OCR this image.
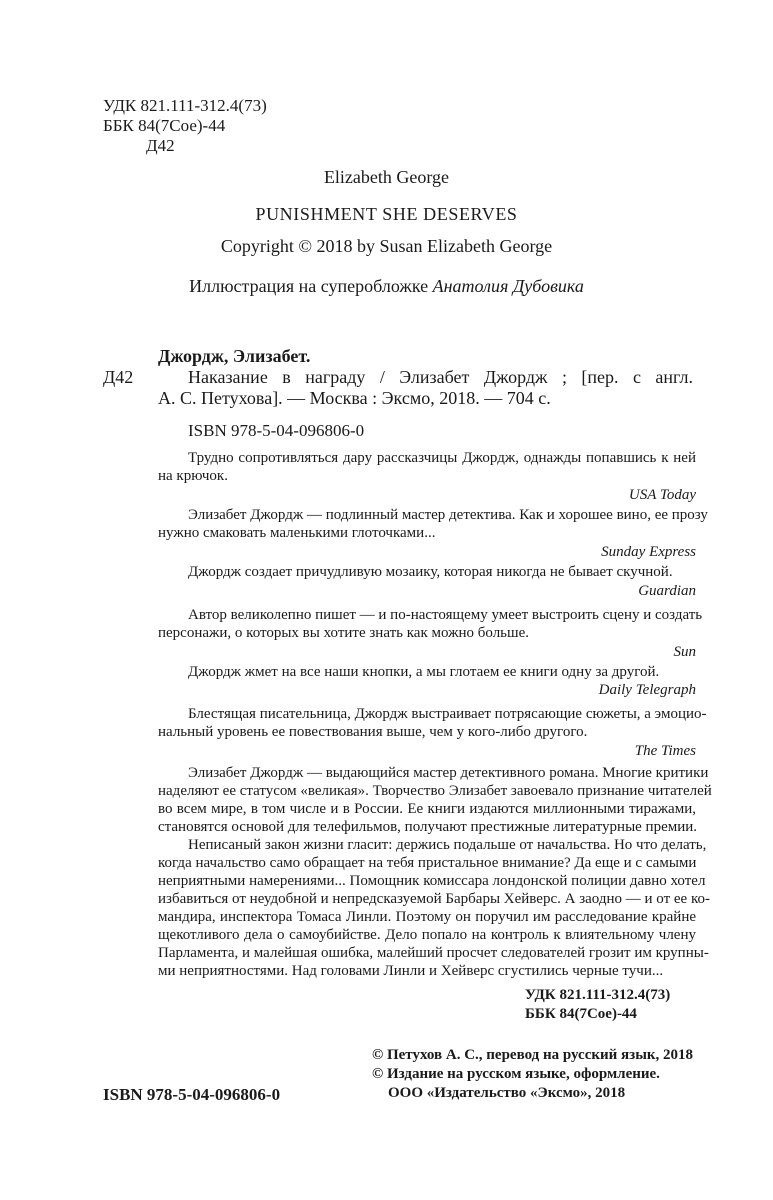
УДК 821.111-312.4(73)
ББК 84(7Сое)-44
Д42
Elizabeth George
PUNISHMENT SHE DESERVES
Copyright © 2018 by Susan Elizabeth George
Иллюстрация на суперобложке Анатолия Дубовика
Джордж, Элизабет.
Д42	Наказание в награду / Элизабет Джордж ; [пер. с англ.
А. С. Петухова]. — Москва : Эксмо, 2018. — 704 с.
ISBN 978-5-04-096806-0
Трудно сопротивляться дару рассказчицы Джордж, однажды попавшись к ней
на крючок.
USA Today
Элизабет Джордж — подлинный мастер детектива. Как и хорошее вино, ее прозу
нужно смаковать маленькими глоточками...
Sunday Express
Джордж создает причудливую мозаику, которая никогда не бывает скучной.
Guardian
Автор великолепно пишет — и по-настоящему умеет выстроить сцену и создать
персонажи, о которых вы хотите знать как можно больше.
Sun
Джордж жмет на все наши кнопки, а мы глотаем ее книги одну за другой.
Daily Telegraph
Блестящая писательница, Джордж выстраивает потрясающие сюжеты, а эмоцио-
нальный уровень ее повествования выше, чем у кого-либо другого.
The Times
Элизабет Джордж — выдающийся мастер детективного романа. Многие критики
наделяют ее статусом «великая». Творчество Элизабет завоевало признание читателей
во всем мире, в том числе и в России. Ее книги издаются миллионными тиражами,
становятся основой для телефильмов, получают престижные литературные премии.
Неписаный закон жизни гласит: держись подальше от начальства. Но что делать,
когда начальство само обращает на тебя пристальное внимание? Да еще и с самыми
неприятными намерениями... Помощник комиссара лондонской полиции давно хотел
избавиться от неудобной и непредсказуемой Барбары Хейверс. А заодно — и от ее ко-
мандира, инспектора Томаса Линли. Поэтому он поручил им расследование крайне
щекотливого дела о самоубийстве. Дело попало на контроль к влиятельному члену
Парламента, и малейшая ошибка, малейший просчет следователей грозит им крупны-
ми неприятностями. Над головами Линли и Хейверс сгустились черные тучи...
УДК 821.111-312.4(73)
ББК 84(7Сое)-44
© Петухов А. С., перевод на русский язык, 2018
© Издание на русском языке, оформление.
ISBN 978-5-04-096806-0	ООО «Издательство «Эксмо», 2018
